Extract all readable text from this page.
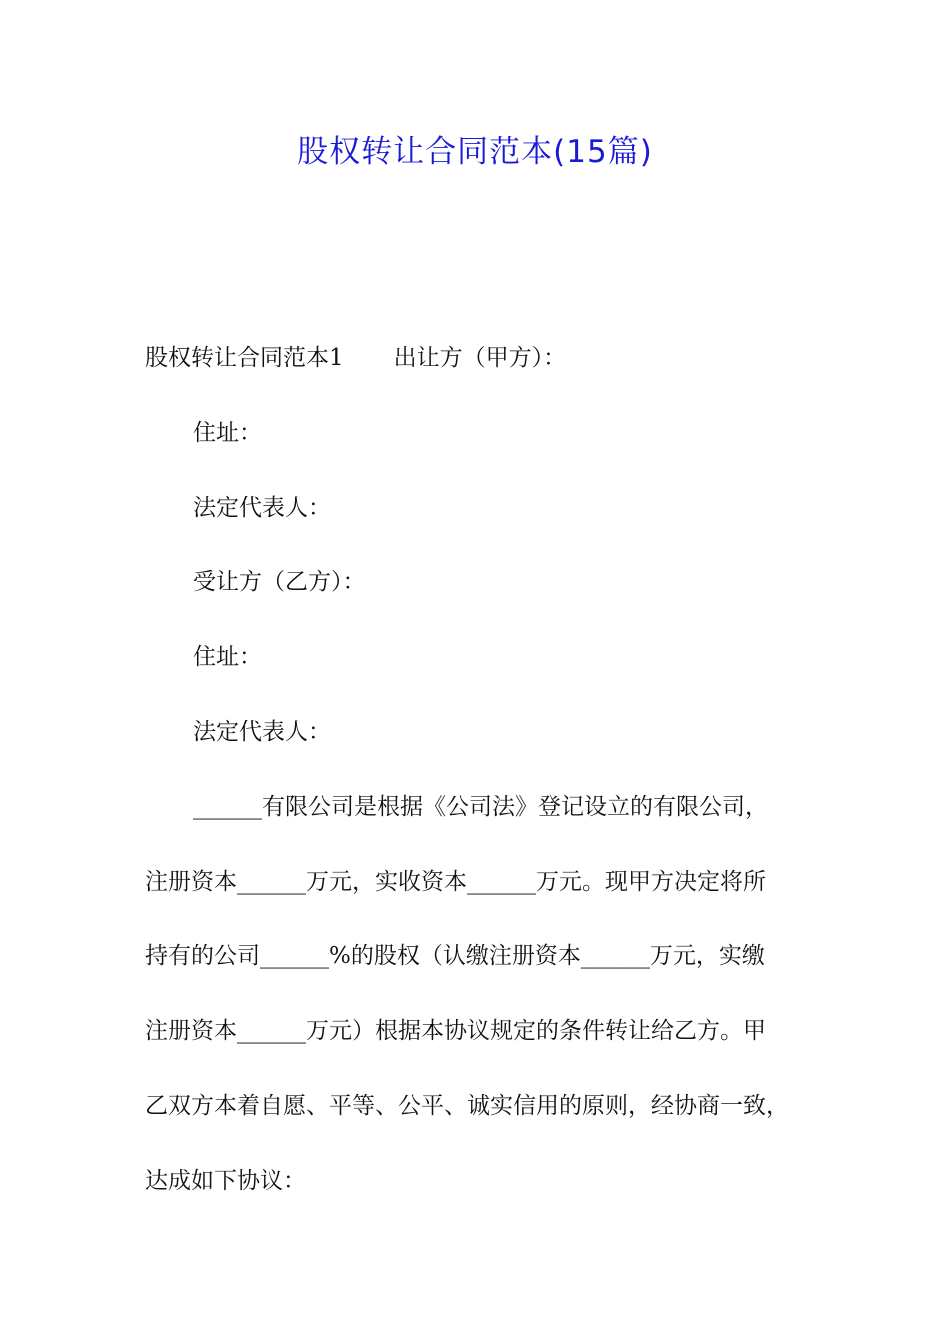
股权转让合同范本(15篇)

股权转让合同范本1 出让方（甲方）：

住址：

法定代表人：

受让方（乙方）：

住址：

法定代表人：

______有限公司是根据《公司法》登记设立的有限公司，

注册资本______万元，实收资本______万元。现甲方决定将所

持有的公司______%的股权（认缴注册资本______万元，实缴

注册资本______万元）根据本协议规定的条件转让给乙方。甲

乙双方本着自愿、平等、公平、诚实信用的原则，经协商一致，

达成如下协议：
